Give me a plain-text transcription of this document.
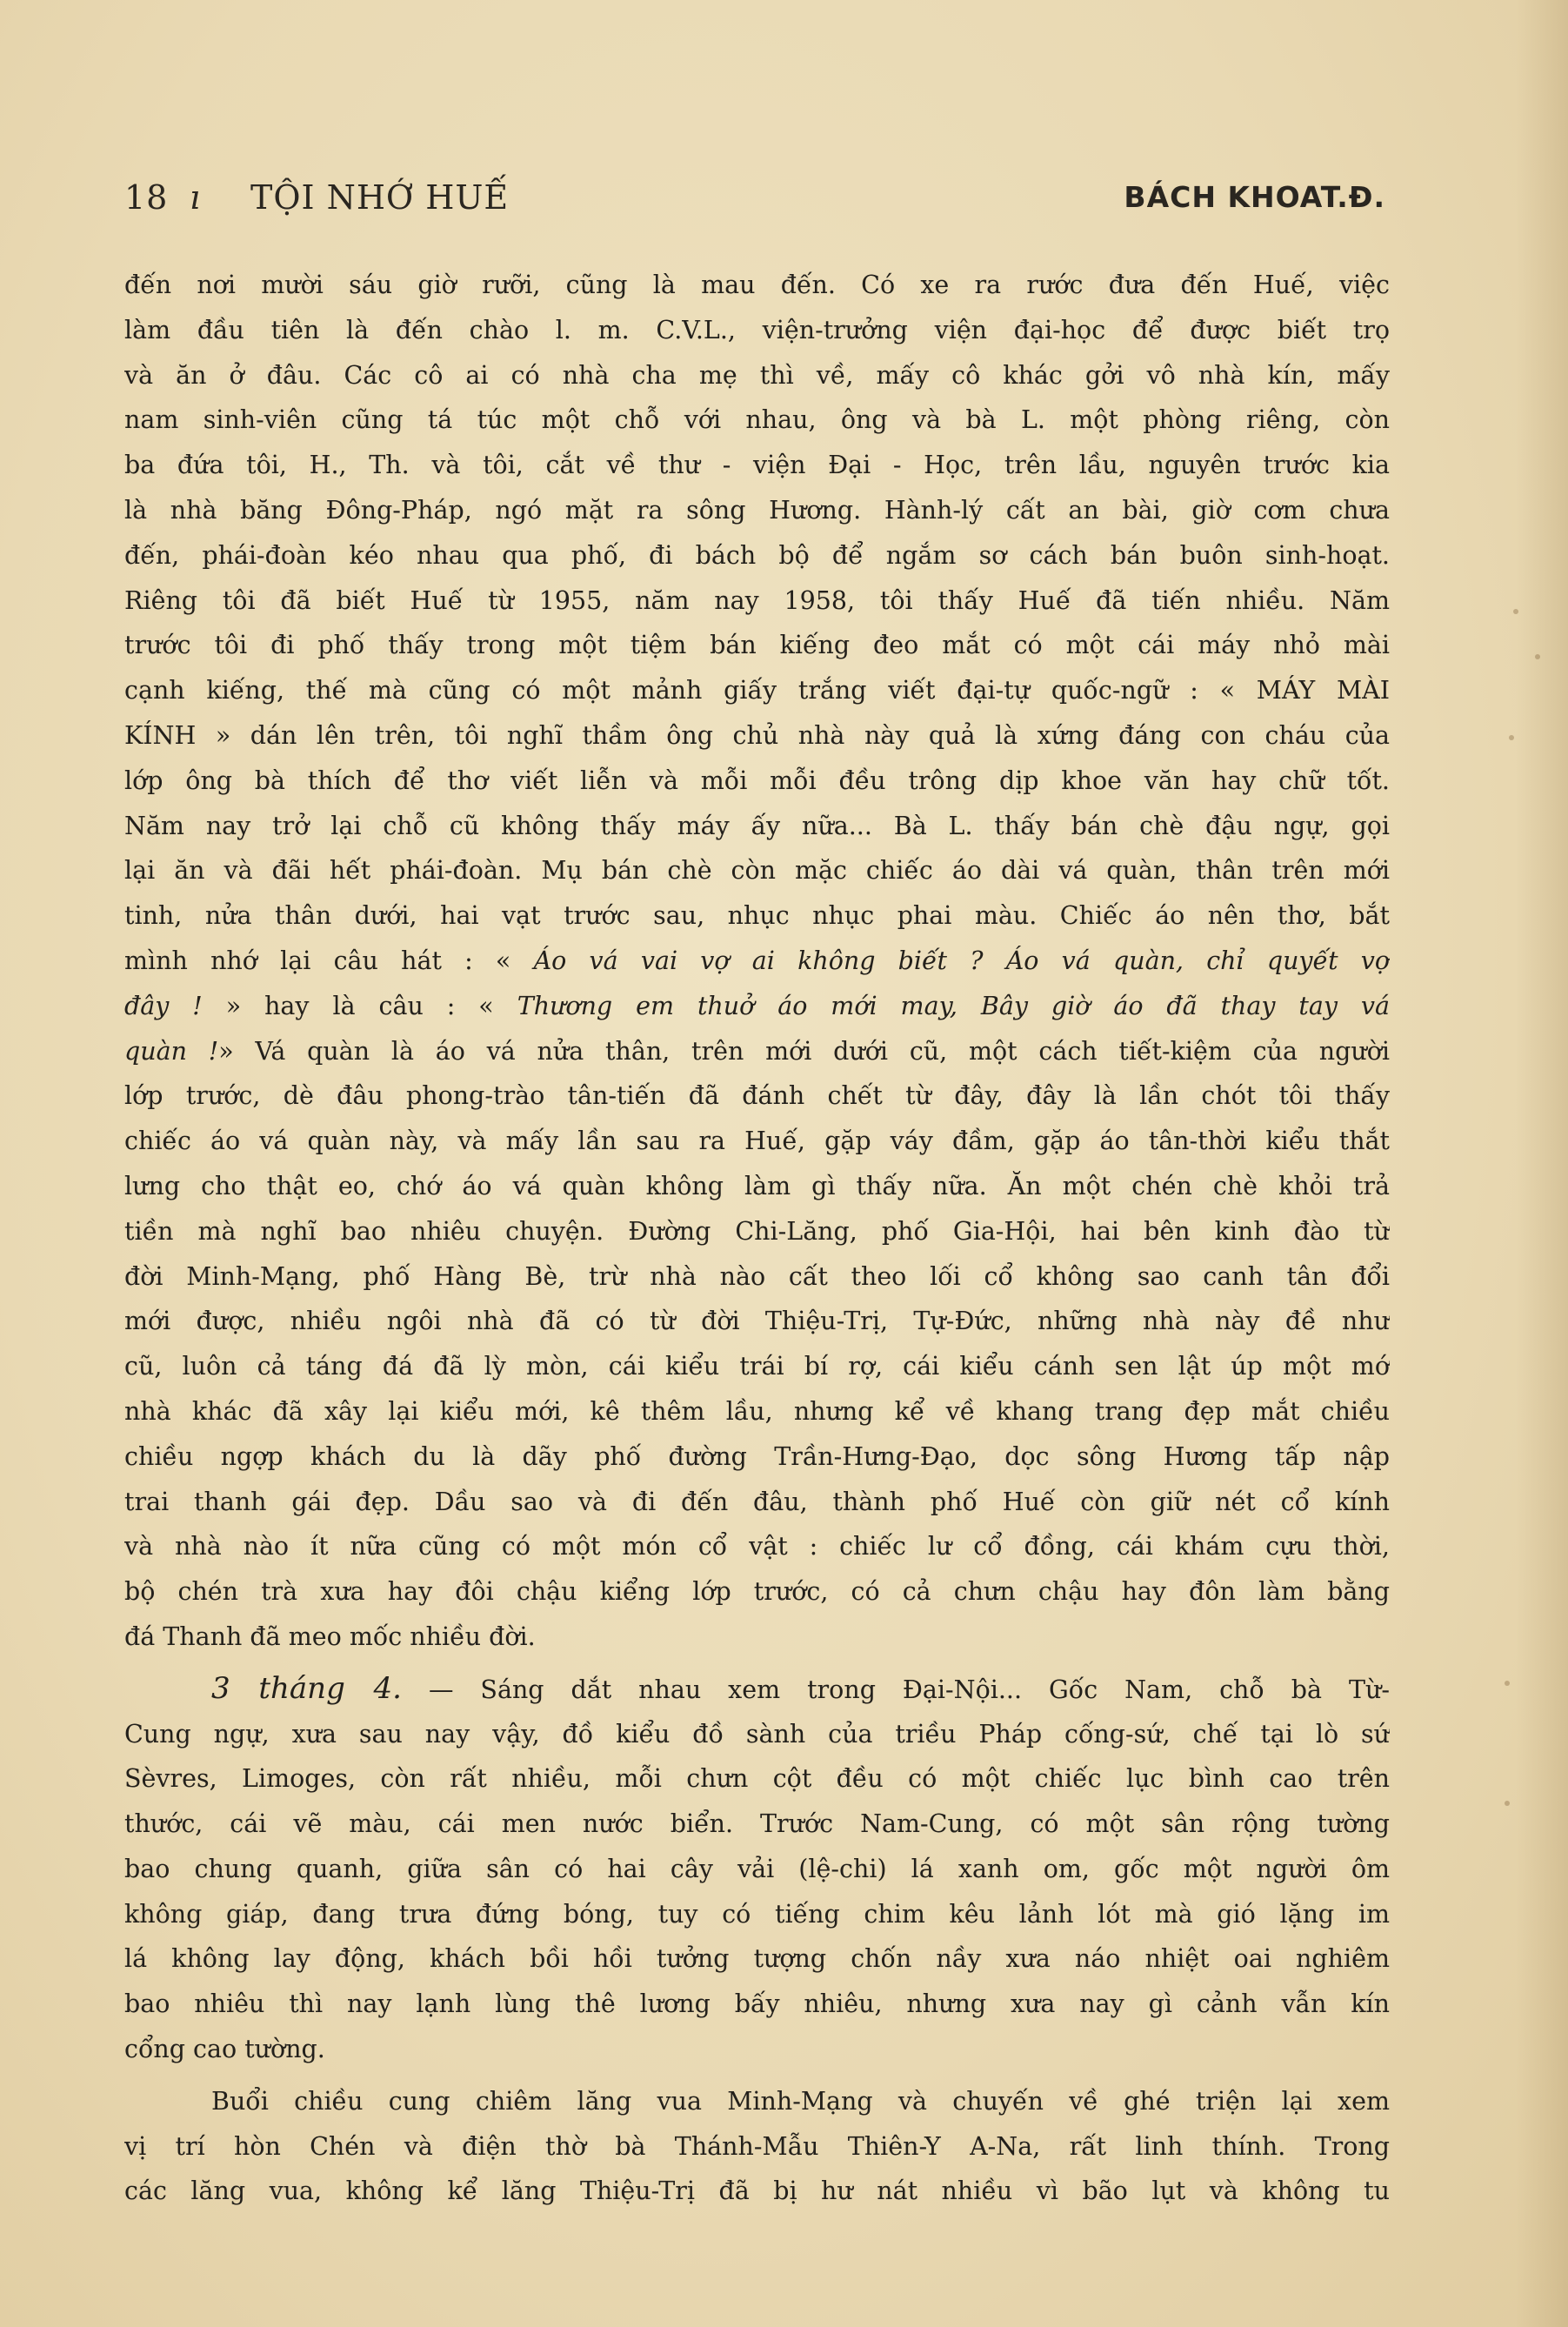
18 ı TỘI NHỚ HUẾ	BÁCH KHOAT.Đ.
đến nơi mười sáu giờ rưỡi, cũng là mau đến. Có xe ra rước đưa đến Huế, việc
làm đầu tiên là đến chào l. m. C.V.L., viện-trưởng viện đại-học để được biết trọ
và ăn ở đâu. Các cô ai có nhà cha mẹ thì về, mấy cô khác gởi vô nhà kín, mấy
nam sinh-viên cũng tá túc một chỗ với nhau, ông và bà L. một phòng riêng, còn
ba đứa tôi, H., Th. và tôi, cắt về thư - viện Đại - Học, trên lầu, nguyên trước kia
là nhà băng Đông-Pháp, ngó mặt ra sông Hương. Hành-lý cất an bài, giờ cơm chưa
đến, phái-đoàn kéo nhau qua phố, đi bách bộ để ngắm sơ cách bán buôn sinh-hoạt.
Riêng tôi đã biết Huế từ 1955, năm nay 1958, tôi thấy Huế đã tiến nhiều. Năm
trước tôi đi phố thấy trong một tiệm bán kiếng đeo mắt có một cái máy nhỏ mài
cạnh kiếng, thế mà cũng có một mảnh giấy trắng viết đại-tự quốc-ngữ : « MÁY MÀI
KÍNH » dán lên trên, tôi nghĩ thầm ông chủ nhà này quả là xứng đáng con cháu của
lớp ông bà thích để thơ viết liễn và mỗi mỗi đều trông dịp khoe văn hay chữ tốt.
Năm nay trở lại chỗ cũ không thấy máy ấy nữa... Bà L. thấy bán chè đậu ngự, gọi
lại ăn và đãi hết phái-đoàn. Mụ bán chè còn mặc chiếc áo dài vá quàn, thân trên mới
tinh, nửa thân dưới, hai vạt trước sau, nhục nhục phai màu. Chiếc áo nên thơ, bắt
mình nhớ lại câu hát : « Áo vá vai vợ ai không biết ? Áo vá quàn, chỉ quyết vợ
đây ! » hay là câu : « Thương em thuở áo mới may, Bây giờ áo đã thay tay vá
quàn !» Vá quàn là áo vá nửa thân, trên mới dưới cũ, một cách tiết-kiệm của người
lớp trước, dè đâu phong-trào tân-tiến đã đánh chết từ đây, đây là lần chót tôi thấy
chiếc áo vá quàn này, và mấy lần sau ra Huế, gặp váy đầm, gặp áo tân-thời kiểu thắt
lưng cho thật eo, chớ áo vá quàn không làm gì thấy nữa. Ăn một chén chè khỏi trả
tiền mà nghĩ bao nhiêu chuyện. Đường Chi-Lăng, phố Gia-Hội, hai bên kinh đào từ
đời Minh-Mạng, phố Hàng Bè, trừ nhà nào cất theo lối cổ không sao canh tân đổi
mới được, nhiều ngôi nhà đã có từ đời Thiệu-Trị, Tự-Đức, những nhà này đề như
cũ, luôn cả táng đá đã lỳ mòn, cái kiểu trái bí rợ, cái kiểu cánh sen lật úp một mớ
nhà khác đã xây lại kiểu mới, kê thêm lầu, nhưng kể về khang trang đẹp mắt chiều
chiều ngợp khách du là dãy phố đường Trần-Hưng-Đạo, dọc sông Hương tấp nập
trai thanh gái đẹp. Dầu sao và đi đến đâu, thành phố Huế còn giữ nét cổ kính
và nhà nào ít nữa cũng có một món cổ vật : chiếc lư cổ đồng, cái khám cựu thời,
bộ chén trà xưa hay đôi chậu kiểng lớp trước, có cả chưn chậu hay đôn làm bằng
đá Thanh đã meo mốc nhiều đời.
3 tháng 4. — Sáng dắt nhau xem trong Đại-Nội... Gốc Nam, chỗ bà Từ-
Cung ngự, xưa sau nay vậy, đồ kiểu đồ sành của triều Pháp cống-sứ, chế tại lò sứ
Sèvres, Limoges, còn rất nhiều, mỗi chưn cột đều có một chiếc lục bình cao trên
thước, cái vẽ màu, cái men nước biển. Trước Nam-Cung, có một sân rộng tường
bao chung quanh, giữa sân có hai cây vải (lệ-chi) lá xanh om, gốc một người ôm
không giáp, đang trưa đứng bóng, tuy có tiếng chim kêu lảnh lót mà gió lặng im
lá không lay động, khách bồi hồi tưởng tượng chốn nầy xưa náo nhiệt oai nghiêm
bao nhiêu thì nay lạnh lùng thê lương bấy nhiêu, nhưng xưa nay gì cảnh vẫn kín
cổng cao tường.
Buổi chiều cung chiêm lăng vua Minh-Mạng và chuyến về ghé triện lại xem
vị trí hòn Chén và điện thờ bà Thánh-Mẫu Thiên-Y A-Na, rất linh thính. Trong
các lăng vua, không kể lăng Thiệu-Trị đã bị hư nát nhiều vì bão lụt và không tu
